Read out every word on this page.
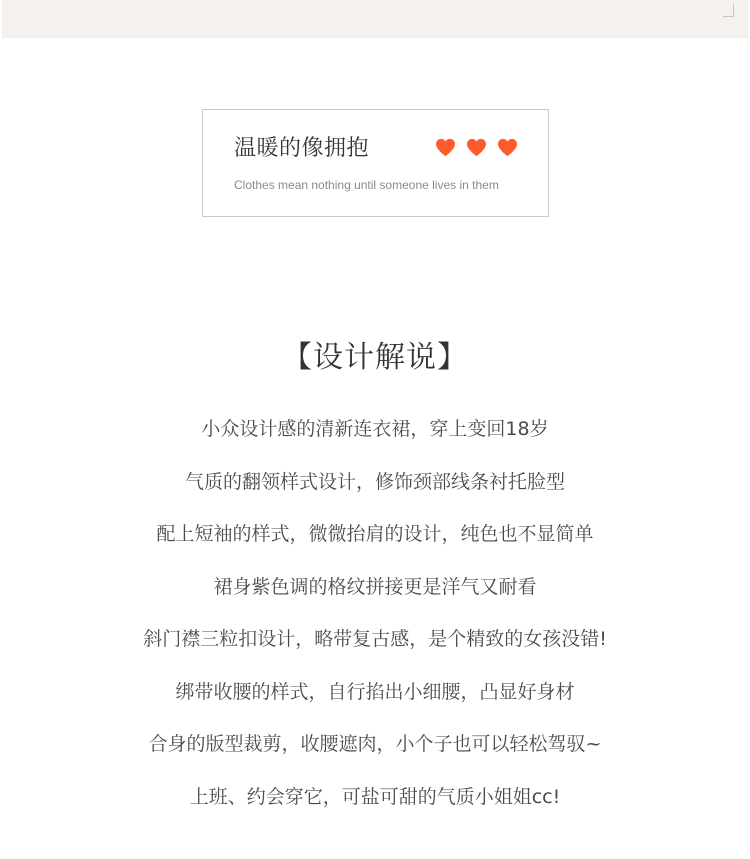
温暖的像拥抱
Clothes mean nothing until someone lives in them
【设计解说】
小众设计感的清新连衣裙，穿上变回18岁
气质的翻领样式设计，修饰颈部线条衬托脸型
配上短袖的样式，微微抬肩的设计，纯色也不显简单
裙身紫色调的格纹拼接更是洋气又耐看
斜门襟三粒扣设计，略带复古感，是个精致的女孩没错!
绑带收腰的样式，自行掐出小细腰，凸显好身材
合身的版型裁剪，收腰遮肉，小个子也可以轻松驾驭~
上班、约会穿它，可盐可甜的气质小姐姐cc!
